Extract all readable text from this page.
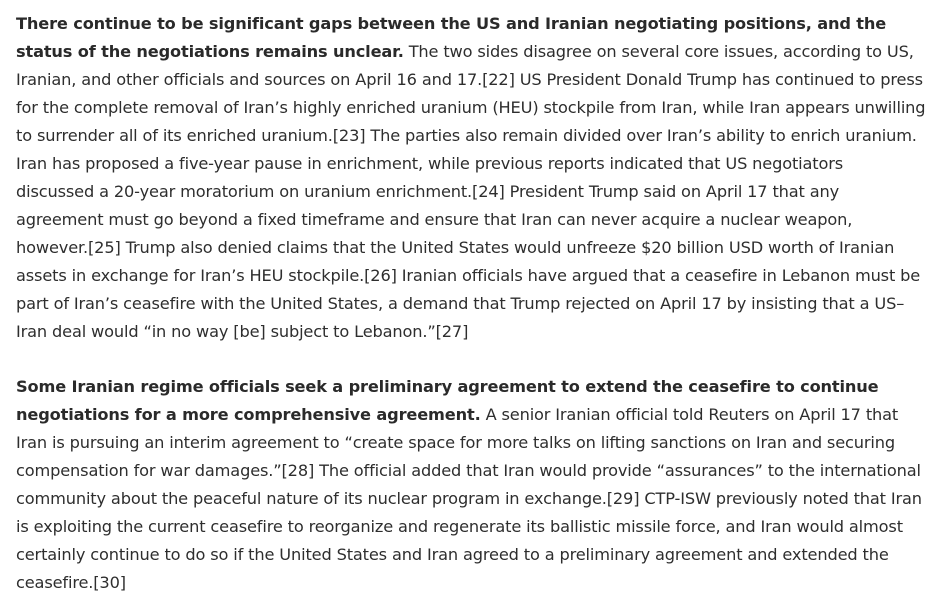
There continue to be significant gaps between the US and Iranian negotiating positions, and the status of the negotiations remains unclear. The two sides disagree on several core issues, according to US, Iranian, and other officials and sources on April 16 and 17.[22] US President Donald Trump has continued to press for the complete removal of Iran’s highly enriched uranium (HEU) stockpile from Iran, while Iran appears unwilling to surrender all of its enriched uranium.[23] The parties also remain divided over Iran’s ability to enrich uranium. Iran has proposed a five-year pause in enrichment, while previous reports indicated that US negotiators discussed a 20-year moratorium on uranium enrichment.[24] President Trump said on April 17 that any agreement must go beyond a fixed timeframe and ensure that Iran can never acquire a nuclear weapon, however.[25] Trump also denied claims that the United States would unfreeze $20 billion USD worth of Iranian assets in exchange for Iran’s HEU stockpile.[26] Iranian officials have argued that a ceasefire in Lebanon must be part of Iran’s ceasefire with the United States, a demand that Trump rejected on April 17 by insisting that a US–Iran deal would “in no way [be] subject to Lebanon.”[27]

Some Iranian regime officials seek a preliminary agreement to extend the ceasefire to continue negotiations for a more comprehensive agreement. A senior Iranian official told Reuters on April 17 that Iran is pursuing an interim agreement to “create space for more talks on lifting sanctions on Iran and securing compensation for war damages.”[28] The official added that Iran would provide “assurances” to the international community about the peaceful nature of its nuclear program in exchange.[29] CTP-ISW previously noted that Iran is exploiting the current ceasefire to reorganize and regenerate its ballistic missile force, and Iran would almost certainly continue to do so if the United States and Iran agreed to a preliminary agreement and extended the ceasefire.[30]
